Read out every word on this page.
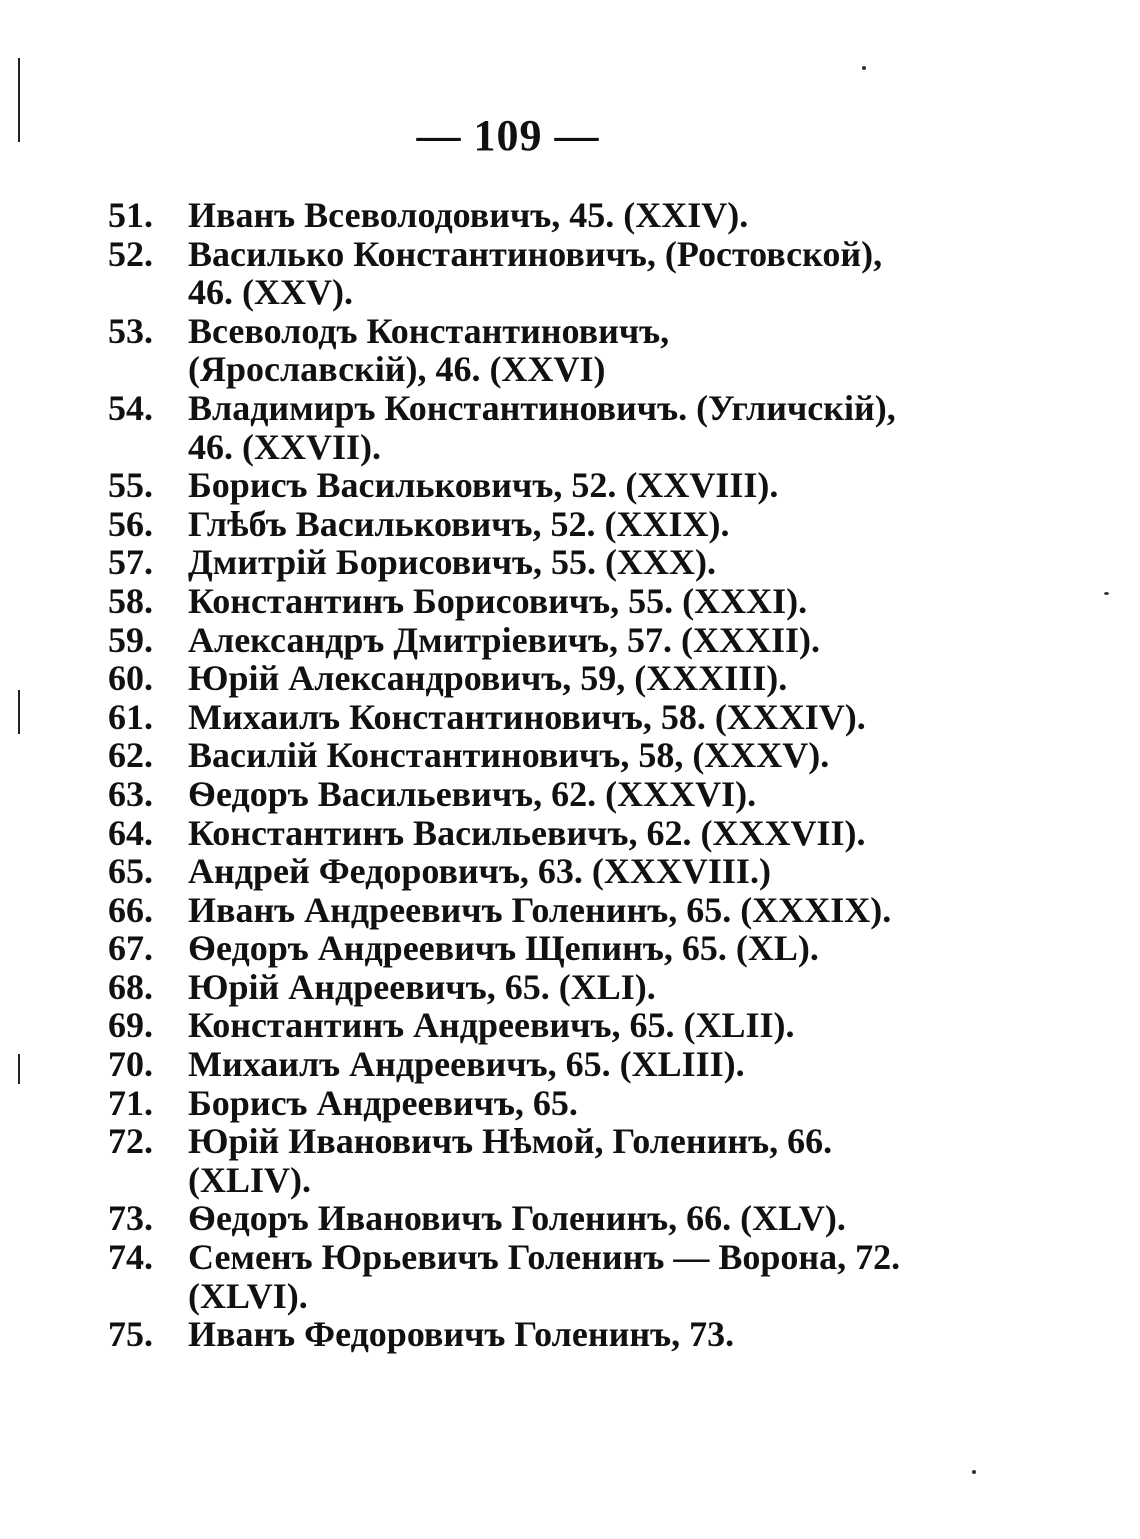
— 109 —
51. Иванъ Всеволодовичъ, 45. (XXIV).
52. Василько Константиновичъ, (Ростовской), 46. (XXV).
53. Всеволодъ Константиновичъ, (Ярославскій), 46. (XXVI)
54. Владимиръ Константиновичъ. (Угличскій), 46. (XXVII).
55. Борисъ Васильковичъ, 52. (XXVIII).
56. Глѣбъ Васильковичъ, 52. (XXIX).
57. Дмитрій Борисовичъ, 55. (XXX).
58. Константинъ Борисовичъ, 55. (XXXI).
59. Александръ Дмитріевичъ, 57. (XXXII).
60. Юрій Александровичъ, 59, (XXXIII).
61. Михаилъ Константиновичъ, 58. (XXXIV).
62. Василій Константиновичъ, 58, (XXXV).
63. Ѳедоръ Васильевичъ, 62. (XXXVI).
64. Константинъ Васильевичъ, 62. (XXXVII).
65. Андрей Федоровичъ, 63. (XXXVIII.)
66. Иванъ Андреевичъ Голенинъ, 65. (XXXIX).
67. Ѳедоръ Андреевичъ Щепинъ, 65. (XL).
68. Юрій Андреевичъ, 65. (XLI).
69. Константинъ Андреевичъ, 65. (XLII).
70. Михаилъ Андреевичъ, 65. (XLIII).
71. Борисъ Андреевичъ, 65.
72. Юрій Ивановичъ Нѣмой, Голенинъ, 66. (XLIV).
73. Ѳедоръ Ивановичъ Голенинъ, 66. (XLV).
74. Семенъ Юрьевичъ Голенинъ — Ворона, 72. (XLVI).
75. Иванъ Федоровичъ Голенинъ, 73.
